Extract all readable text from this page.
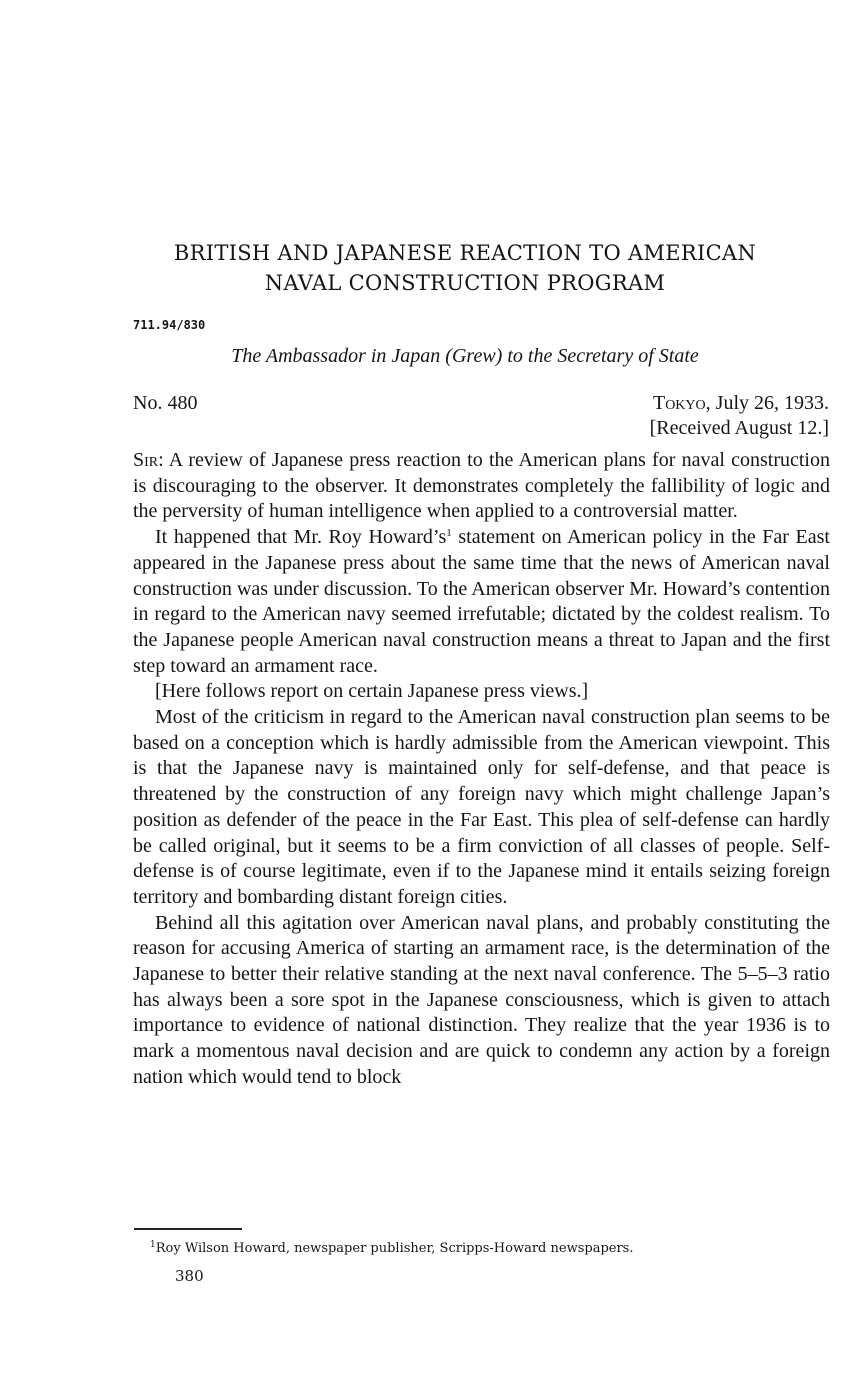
BRITISH AND JAPANESE REACTION TO AMERICAN
NAVAL CONSTRUCTION PROGRAM
711.94/830
The Ambassador in Japan (Grew) to the Secretary of State
No. 480	Tokyo, July 26, 1933.
[Received August 12.]

Sir: A review of Japanese press reaction to the American plans for naval construction is discouraging to the observer. It demonstrates completely the fallibility of logic and the perversity of human intelligence when applied to a controversial matter.

It happened that Mr. Roy $Howard’s^1$ statement on American policy in the Far East appeared in the Japanese press about the same time that the news of American naval construction was under discussion. To the American observer Mr. Howard’s contention in regard to the American navy seemed irrefutable; dictated by the coldest realism. To the Japanese people American naval construction means a threat to Japan and the first step toward an armament race.

[Here follows report on certain Japanese press views.]

Most of the criticism in regard to the American naval construction plan seems to be based on a conception which is hardly admissible from the American viewpoint. This is that the Japanese navy is maintained only for self-defense, and that peace is threatened by the construction of any foreign navy which might challenge Japan’s position as defender of the peace in the Far East. This plea of self-defense can hardly be called original, but it seems to be a firm conviction of all classes of people. Self-defense is of course legitimate, even if to the Japanese mind it entails seizing foreign territory and bombarding distant foreign cities.

Behind all this agitation over American naval plans, and probably constituting the reason for accusing America of starting an armament race, is the determination of the Japanese to better their relative standing at the next naval conference. The 5–5–3 ratio has always been a sore spot in the Japanese consciousness, which is given to attach importance to evidence of national distinction. They realize that the year 1936 is to mark a momentous naval decision and are quick to condemn any action by a foreign nation which would tend to block

$^1$Roy Wilson Howard, newspaper publisher, Scripps-Howard newspapers.
380
